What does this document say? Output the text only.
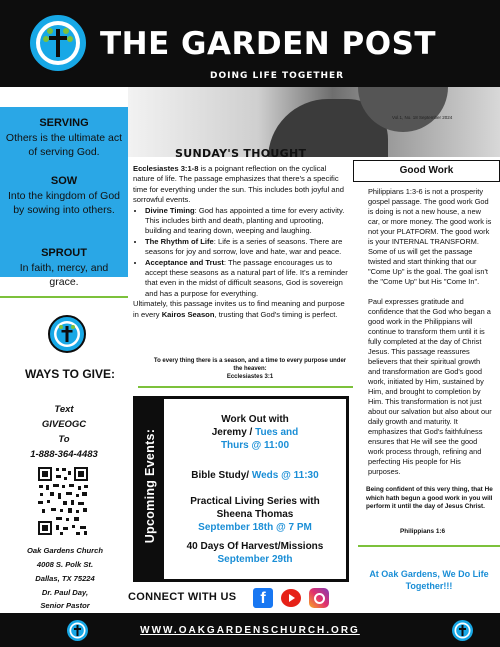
THE GARDEN POST
DOING LIFE TOGETHER
Vol.1, No. 18 September 2024
SERVING
Others is the ultimate act of serving God.
SOW
Into the kingdom of God by sowing into others.
SPROUT
In faith, mercy, and grace.
SUNDAY'S THOUGHT
Ecclesiastes 3:1-8 is a poignant reflection on the cyclical nature of life. The passage emphasizes that there's a specific time for everything under the sun. This includes both joyful and sorrowful events.
• Divine Timing: God has appointed a time for every activity. This includes birth and death, planting and uprooting, building and tearing down, weeping and laughing.
• The Rhythm of Life: Life is a series of seasons. There are seasons for joy and sorrow, love and hate, war and peace.
• Acceptance and Trust: The passage encourages us to accept these seasons as a natural part of life. It's a reminder that even in the midst of difficult seasons, God is sovereign and has a purpose for everything.
Ultimately, this passage invites us to find meaning and purpose in every Kairos Season, trusting that God's timing is perfect.
To every thing there is a season, and a time to every purpose under the heaven:
Ecclesiastes 3:1
Good Work

Philippians 1:3-6 is not a prosperity gospel passage. The good work God is doing is not a new house, a new car, or more money. The good work is not your PLATFORM. The good work is your INTERNAL TRANSFORM. Some of us will get the passage twisted and start thinking that our "Come Up" is the goal. The goal isn't the "Come Up" but His "Come In".

Paul expresses gratitude and confidence that the God who began a good work in the Philippians will continue to transform them until it is fully completed at the day of Christ Jesus. This passage reassures believers that their spiritual growth and transformation are God's good work, initiated by Him, sustained by Him, and brought to completion by Him. This transformation is not just about our salvation but also about our daily growth and maturity. It emphasizes that God's faithfulness ensures that He will see the good work process through, refining and perfecting His people for His purposes.

Being confident of this very thing, that He which hath begun a good work in you will perform it until the day of Jesus Christ.
Philippians 1:6
At Oak Gardens, We Do Life Together!!!
WAYS TO GIVE:
Text
GIVEOGC
To
1-888-364-4483
Oak Gardens Church
4008 S. Polk St.
Dallas, TX 75224
Dr. Paul Day,
Senior Pastor
Upcoming Events:
Work Out with
Jeremy / Tues and
Thurs @ 11:00
Bible Study/ Weds @ 11:30
Practical Living Series with
Sheena Thomas
September 18th @ 7 PM
40 Days Of Harvest/Missions
September 29th
CONNECT WITH US	f
WWW.OAKGARDENSCHURCH.ORG
